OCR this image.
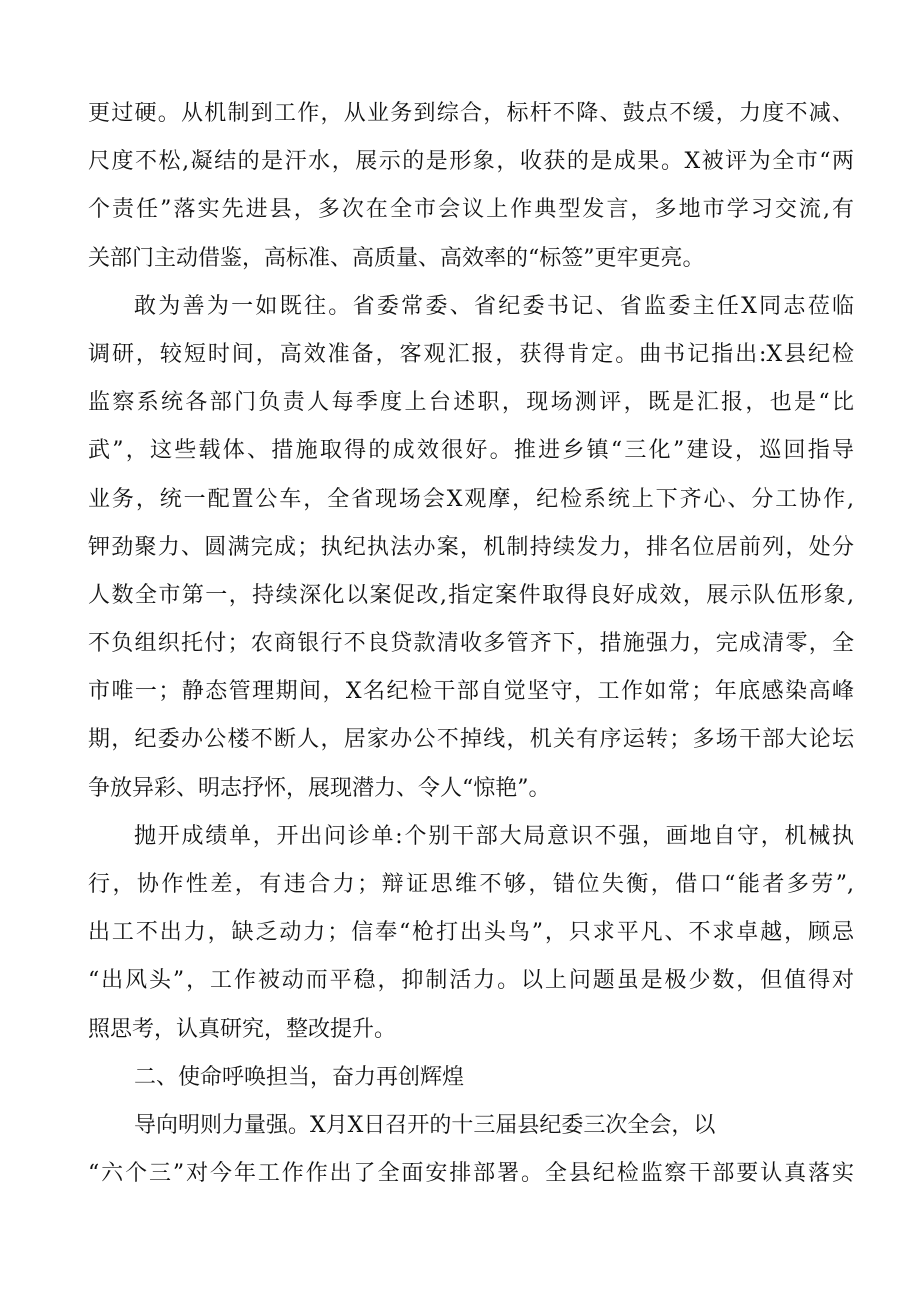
更过硬。从机制到工作，从业务到综合，标杆不降、鼓点不缓，力度不减、
尺度不松,凝结的是汗水，展示的是形象，收获的是成果。X被评为全市“两
个责任”落实先进县，多次在全市会议上作典型发言，多地市学习交流,有
关部门主动借鉴，高标准、高质量、高效率的“标签”更牢更亮。
敢为善为一如既往。省委常委、省纪委书记、省监委主任X同志莅临
调研，较短时间，高效准备，客观汇报，获得肯定。曲书记指出:X县纪检
监察系统各部门负责人每季度上台述职，现场测评，既是汇报，也是“比
武”，这些载体、措施取得的成效很好。推进乡镇“三化”建设，巡回指导
业务，统一配置公车，全省现场会X观摩，纪检系统上下齐心、分工协作,
钾劲聚力、圆满完成；执纪执法办案，机制持续发力，排名位居前列，处分
人数全市第一，持续深化以案促改,指定案件取得良好成效，展示队伍形象,
不负组织托付；农商银行不良贷款清收多管齐下，措施强力，完成清零，全
市唯一；静态管理期间，X名纪检干部自觉坚守，工作如常；年底感染高峰
期，纪委办公楼不断人，居家办公不掉线，机关有序运转；多场干部大论坛
争放异彩、明志抒怀，展现潜力、令人“惊艳”。
抛开成绩单，开出问诊单:个别干部大局意识不强，画地自守，机械执
行，协作性差，有违合力；辩证思维不够，错位失衡，借口“能者多劳”,
出工不出力，缺乏动力；信奉“枪打出头鸟”，只求平凡、不求卓越，顾忌
“出风头”，工作被动而平稳，抑制活力。以上问题虽是极少数，但值得对
照思考，认真研究，整改提升。
二、使命呼唤担当，奋力再创辉煌
导向明则力量强。X月X日召开的十三届县纪委三次全会，以
“六个三”对今年工作作出了全面安排部署。全县纪检监察干部要认真落实
